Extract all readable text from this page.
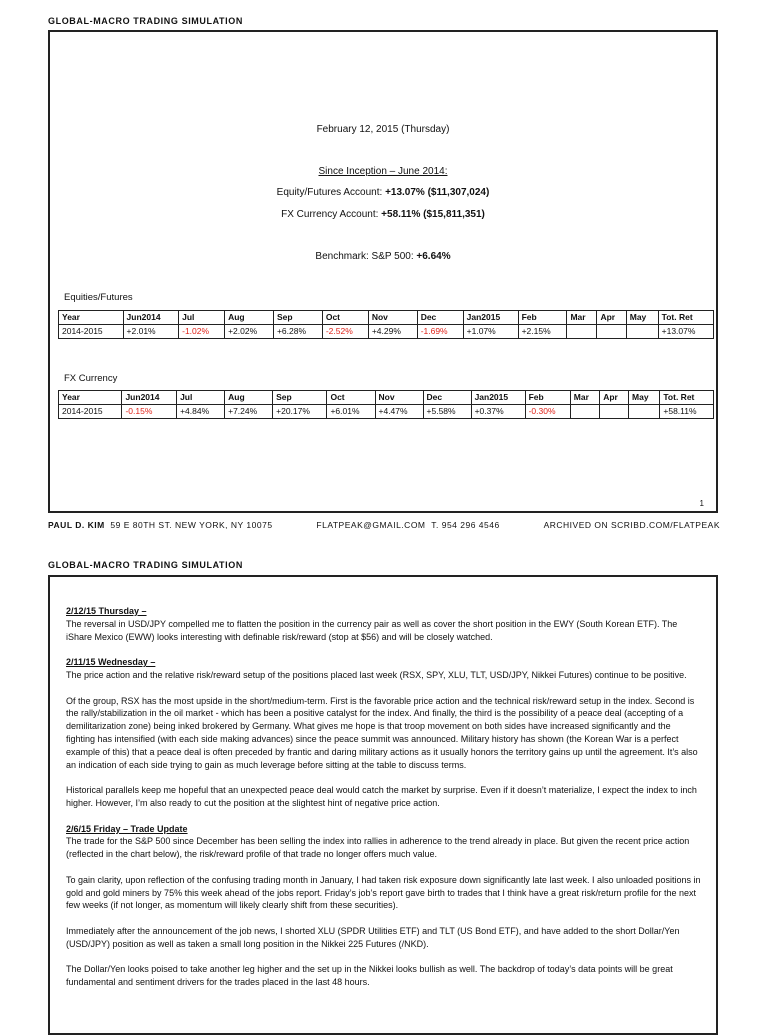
GLOBAL-MACRO TRADING SIMULATION
February 12, 2015 (Thursday)
Since Inception – June 2014:
Equity/Futures Account: +13.07% ($11,307,024)
FX Currency Account: +58.11% ($15,811,351)
Benchmark: S&P 500: +6.64%
Equities/Futures
Year	Jun2014	Jul	Aug	Sep	Oct	Nov	Dec	Jan2015	Feb	Mar	Apr	May	Tot. Ret
2014-2015	+2.01%	-1.02%	+2.02%	+6.28%	-2.52%	+4.29%	-1.69%	+1.07%	+2.15%				+13.07%
FX Currency
Year	Jun2014	Jul	Aug	Sep	Oct	Nov	Dec	Jan2015	Feb	Mar	Apr	May	Tot. Ret
2014-2015	-0.15%	+4.84%	+7.24%	+20.17%	+6.01%	+4.47%	+5.58%	+0.37%	-0.30%				+58.11%
1
PAUL D. KIM 59 E 80TH ST. NEW YORK, NY 10075	FLATPEAK@GMAIL.COM T. 954 296 4546	ARCHIVED ON SCRIBD.COM/FLATPEAK
GLOBAL-MACRO TRADING SIMULATION
2/12/15 Thursday –
The reversal in USD/JPY compelled me to flatten the position in the currency pair as well as cover the short position in the EWY (South Korean ETF). The iShare Mexico (EWW) looks interesting with definable risk/reward (stop at $56) and will be closely watched.
2/11/15 Wednesday –
The price action and the relative risk/reward setup of the positions placed last week (RSX, SPY, XLU, TLT, USD/JPY, Nikkei Futures) continue to be positive.
Of the group, RSX has the most upside in the short/medium-term. First is the favorable price action and the technical risk/reward setup in the index. Second is the rally/stabilization in the oil market - which has been a positive catalyst for the index. And finally, the third is the possibility of a peace deal (accepting of a demilitarization zone) being inked brokered by Germany. What gives me hope is that troop movement on both sides have increased significantly and the fighting has intensified (with each side making advances) since the peace summit was announced. Military history has shown (the Korean War is a perfect example of this) that a peace deal is often preceded by frantic and daring military actions as it usually honors the territory gains up until the agreement. It’s also an indication of each side trying to gain as much leverage before sitting at the table to discuss terms.
Historical parallels keep me hopeful that an unexpected peace deal would catch the market by surprise. Even if it doesn’t materialize, I expect the index to inch higher. However, I’m also ready to cut the position at the slightest hint of negative price action.
2/6/15 Friday – Trade Update
The trade for the S&P 500 since December has been selling the index into rallies in adherence to the trend already in place. But given the recent price action (reflected in the chart below), the risk/reward profile of that trade no longer offers much value.
To gain clarity, upon reflection of the confusing trading month in January, I had taken risk exposure down significantly late last week. I also unloaded positions in gold and gold miners by 75% this week ahead of the jobs report. Friday’s job’s report gave birth to trades that I think have a great risk/return profile for the next few weeks (if not longer, as momentum will likely clearly shift from these securities).
Immediately after the announcement of the job news, I shorted XLU (SPDR Utilities ETF) and TLT (US Bond ETF), and have added to the short Dollar/Yen (USD/JPY) position as well as taken a small long position in the Nikkei 225 Futures (/NKD).
The Dollar/Yen looks poised to take another leg higher and the set up in the Nikkei looks bullish as well. The backdrop of today’s data points will be great fundamental and sentiment drivers for the trades placed in the last 48 hours.
